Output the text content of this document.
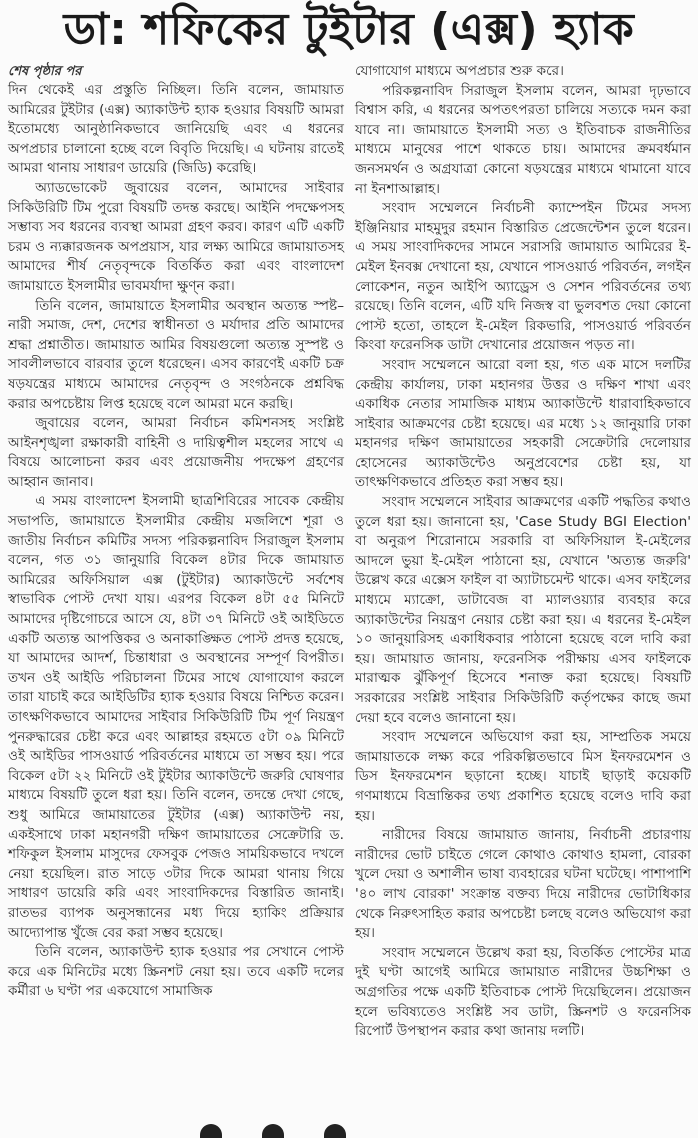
ডা: শফিকের টুইটার (এক্স) হ্যাক
শেষ পৃষ্ঠার পর

দিন থেকেই এর প্রস্তুতি নিচ্ছিল। তিনি বলেন, জামায়াত আমিরের টুইটার (এক্স) অ্যাকাউন্ট হ্যাক হওয়ার বিষয়টি আমরা ইতোমধ্যে আনুষ্ঠানিকভাবে জানিয়েছি এবং এ ধরনের অপপ্রচার চালানো হচ্ছে বলে বিবৃতি দিয়েছি। এ ঘটনায় রাতেই আমরা থানায় সাধারণ ডায়েরি (জিডি) করেছি।

অ্যাডভোকেট জুবায়ের বলেন, আমাদের সাইবার সিকিউরিটি টিম পুরো বিষয়টি তদন্ত করছে। আইনি পদক্ষেপসহ সম্ভাব্য সব ধরনের ব্যবস্থা আমরা গ্রহণ করব। কারণ এটি একটি চরম ও ন্যক্কারজনক অপপ্রয়াস, যার লক্ষ্য আমিরে জামায়াতসহ আমাদের শীর্ষ নেতৃবৃন্দকে বিতর্কিত করা এবং বাংলাদেশ জামায়াতে ইসলামীর ভাবমর্যাদা ক্ষুণ্ন করা।

তিনি বলেন, জামায়াতে ইসলামীর অবস্থান অত্যন্ত স্পষ্ট– নারী সমাজ, দেশ, দেশের স্বাধীনতা ও মর্যাদার প্রতি আমাদের শ্রদ্ধা প্রশ্নাতীত। জামায়াত আমির বিষয়গুলো অত্যন্ত সুস্পষ্ট ও সাবলীলভাবে বারবার তুলে ধরেছেন। এসব কারণেই একটি চক্র ষড়যন্ত্রের মাধ্যমে আমাদের নেতৃবৃন্দ ও সংগঠনকে প্রশ্নবিদ্ধ করার অপচেষ্টায় লিপ্ত হয়েছে বলে আমরা মনে করছি।

জুবায়ের বলেন, আমরা নির্বাচন কমিশনসহ সংশ্লিষ্ট আইনশৃঙ্খলা রক্ষাকারী বাহিনী ও দায়িত্বশীল মহলের সাথে এ বিষয়ে আলোচনা করব এবং প্রয়োজনীয় পদক্ষেপ গ্রহণের আহ্বান জানাব।

এ সময় বাংলাদেশ ইসলামী ছাত্রশিবিরের সাবেক কেন্দ্রীয় সভাপতি, জামায়াতে ইসলামীর কেন্দ্রীয় মজলিশে শূরা ও জাতীয় নির্বাচন কমিটির সদস্য পরিকল্পনাবিদ সিরাজুল ইসলাম বলেন, গত ৩১ জানুয়ারি বিকেল ৪টার দিকে জামায়াত আমিরের অফিসিয়াল এক্স (টুইটার) অ্যাকাউন্টে সর্বশেষ স্বাভাবিক পোস্ট দেখা যায়। এরপর বিকেল ৪টা ৫৫ মিনিটে আমাদের দৃষ্টিগোচরে আসে যে, ৪টা ৩৭ মিনিটে ওই আইডিতে একটি অত্যন্ত আপত্তিকর ও অনাকাঙ্ক্ষিত পোস্ট প্রদত্ত হয়েছে, যা আমাদের আদর্শ, চিন্তাধারা ও অবস্থানের সম্পূর্ণ বিপরীত। তখন ওই আইডি পরিচালনা টিমের সাথে যোগাযোগ করলে তারা যাচাই করে আইডিটির হ্যাক হওয়ার বিষয়ে নিশ্চিত করেন। তাৎক্ষণিকভাবে আমাদের সাইবার সিকিউরিটি টিম পূর্ণ নিয়ন্ত্রণ পুনরুদ্ধারের চেষ্টা করে এবং আল্লাহর রহমতে ৫টা ০৯ মিনিটে ওই আইডির পাসওয়ার্ড পরিবর্তনের মাধ্যমে তা সম্ভব হয়। পরে বিকেল ৫টা ২২ মিনিটে ওই টুইটার অ্যাকাউন্টে জরুরি ঘোষণার মাধ্যমে বিষয়টি তুলে ধরা হয়। তিনি বলেন, তদন্তে দেখা গেছে, শুধু আমিরে জামায়াতের টুইটার (এক্স) অ্যাকাউন্ট নয়, একইসাথে ঢাকা মহানগরী দক্ষিণ জামায়াতের সেক্রেটারি ড. শফিকুল ইসলাম মাসুদের ফেসবুক পেজও সাময়িকভাবে দখলে নেয়া হয়েছিল। রাত সাড়ে ৩টার দিকে আমরা থানায় গিয়ে সাধারণ ডায়েরি করি এবং সাংবাদিকদের বিস্তারিত জানাই। রাতভর ব্যাপক অনুসন্ধানের মধ্য দিয়ে হ্যাকিং প্রক্রিয়ার আদ্যোপান্ত খুঁজে বের করা সম্ভব হয়েছে।

তিনি বলেন, অ্যাকাউন্ট হ্যাক হওয়ার পর সেখানে পোস্ট করে এক মিনিটের মধ্যে স্ক্রিনশট নেয়া হয়। তবে একটি দলের কর্মীরা ৬ ঘণ্টা পর একযোগে সামাজিক

যোগাযোগ মাধ্যমে অপপ্রচার শুরু করে।

পরিকল্পনাবিদ সিরাজুল ইসলাম বলেন, আমরা দৃঢ়ভাবে বিশ্বাস করি, এ ধরনের অপতৎপরতা চালিয়ে সত্যকে দমন করা যাবে না। জামায়াতে ইসলামী সত্য ও ইতিবাচক রাজনীতির মাধ্যমে মানুষের পাশে থাকতে চায়। আমাদের ক্রমবর্ধমান জনসমর্থন ও অগ্রযাত্রা কোনো ষড়যন্ত্রের মাধ্যমে থামানো যাবে না ইনশাআল্লাহ।

সংবাদ সম্মেলনে নির্বাচনী ক্যাম্পেইন টিমের সদস্য ইঞ্জিনিয়ার মাহমুদুর রহমান বিস্তারিত প্রেজেন্টেশন তুলে ধরেন। এ সময় সাংবাদিকদের সামনে সরাসরি জামায়াত আমিরের ই-মেইল ইনবক্স দেখানো হয়, যেখানে পাসওয়ার্ড পরিবর্তন, লগইন লোকেশন, নতুন আইপি অ্যাড্রেস ও সেশন পরিবর্তনের তথ্য রয়েছে। তিনি বলেন, এটি যদি নিজস্ব বা ভুলবশত দেয়া কোনো পোস্ট হতো, তাহলে ই-মেইল রিকভারি, পাসওয়ার্ড পরিবর্তন কিংবা ফরেনসিক ডাটা দেখানোর প্রয়োজন পড়ত না।

সংবাদ সম্মেলনে আরো বলা হয়, গত এক মাসে দলটির কেন্দ্রীয় কার্যালয়, ঢাকা মহানগর উত্তর ও দক্ষিণ শাখা এবং একাধিক নেতার সামাজিক মাধ্যম অ্যাকাউন্টে ধারাবাহিকভাবে সাইবার আক্রমণের চেষ্টা হয়েছে। এর মধ্যে ১২ জানুয়ারি ঢাকা মহানগর দক্ষিণ জামায়াতের সহকারী সেক্রেটারি দেলোয়ার হোসেনের অ্যাকাউন্টেও অনুপ্রবেশের চেষ্টা হয়, যা তাৎক্ষণিকভাবে প্রতিহত করা সম্ভব হয়।

সংবাদ সম্মেলনে সাইবার আক্রমণের একটি পদ্ধতির কথাও তুলে ধরা হয়। জানানো হয়, 'Case Study BGI Election' বা অনুরূপ শিরোনামে সরকারি বা অফিসিয়াল ই-মেইলের আদলে ভুয়া ই-মেইল পাঠানো হয়, যেখানে 'অত্যন্ত জরুরি' উল্লেখ করে এক্সেস ফাইল বা অ্যাটাচমেন্ট থাকে। এসব ফাইলের মাধ্যমে ম্যাক্রো, ডাটাবেজ বা ম্যালওয়্যার ব্যবহার করে অ্যাকাউন্টের নিয়ন্ত্রণ নেয়ার চেষ্টা করা হয়। এ ধরনের ই-মেইল ১০ জানুয়ারিসহ একাধিকবার পাঠানো হয়েছে বলে দাবি করা হয়। জামায়াত জানায়, ফরেনসিক পরীক্ষায় এসব ফাইলকে মারাত্মক ঝুঁকিপূর্ণ হিসেবে শনাক্ত করা হয়েছে। বিষয়টি সরকারের সংশ্লিষ্ট সাইবার সিকিউরিটি কর্তৃপক্ষের কাছে জমা দেয়া হবে বলেও জানানো হয়।

সংবাদ সম্মেলনে অভিযোগ করা হয়, সাম্প্রতিক সময়ে জামায়াতকে লক্ষ্য করে পরিকল্পিতভাবে মিস ইনফরমেশন ও ডিস ইনফরমেশন ছড়ানো হচ্ছে। যাচাই ছাড়াই কয়েকটি গণমাধ্যমে বিভ্রান্তিকর তথ্য প্রকাশিত হয়েছে বলেও দাবি করা হয়।

নারীদের বিষয়ে জামায়াত জানায়, নির্বাচনী প্রচারণায় নারীদের ভোট চাইতে গেলে কোথাও কোথাও হামলা, বোরকা খুলে দেয়া ও অশালীন ভাষা ব্যবহারের ঘটনা ঘটেছে। পাশাপাশি '৪০ লাখ বোরকা' সংক্রান্ত বক্তব্য দিয়ে নারীদের ভোটাধিকার থেকে নিরুৎসাহিত করার অপচেষ্টা চলছে বলেও অভিযোগ করা হয়।

সংবাদ সম্মেলনে উল্লেখ করা হয়, বিতর্কিত পোস্টের মাত্র দুই ঘণ্টা আগেই আমিরে জামায়াত নারীদের উচ্চশিক্ষা ও অগ্রগতির পক্ষে একটি ইতিবাচক পোস্ট দিয়েছিলেন। প্রয়োজন হলে ভবিষ্যতেও সংশ্লিষ্ট সব ডাটা, স্ক্রিনশট ও ফরেনসিক রিপোর্ট উপস্থাপন করার কথা জানায় দলটি।
